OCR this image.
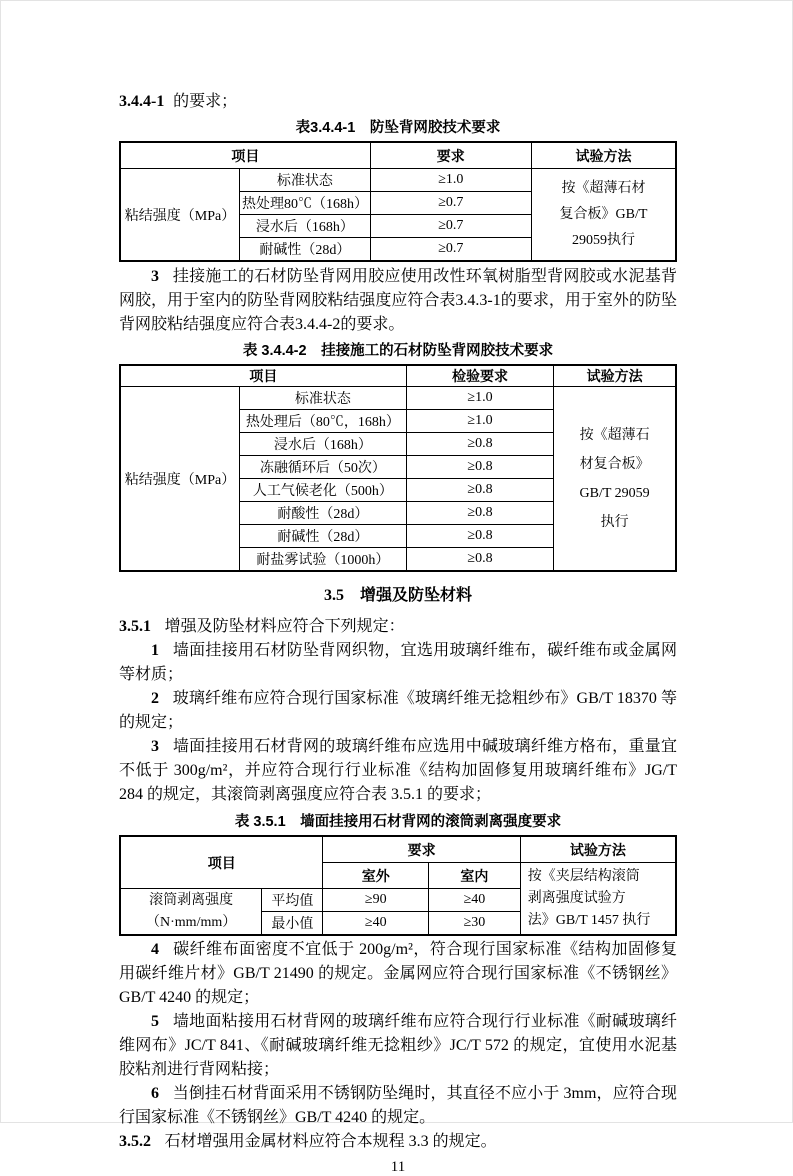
3.4.4-1 的要求；

表3.4.4-1　防坠背网胶技术要求
项目		要求	试验方法
粘结强度（MPa）	标准状态	≥1.0	按《超薄石材
复合板》GB/T
29059执行

	热处理80℃（168h）	≥0.7	
	浸水后（168h）	≥0.7	
	耐碱性（28d）	≥0.7	

3 挂接施工的石材防坠背网用胶应使用改性环氧树脂型背网胶或水泥基背网胶，用于室内的防坠背网胶粘结强度应符合表3.4.3-1的要求，用于室外的防坠背网胶粘结强度应符合表3.4.4-2的要求。

表 3.4.4-2　挂接施工的石材防坠背网胶技术要求
项目		检验要求	试验方法
粘结强度（MPa）	标准状态	≥1.0	按《超薄石
材复合板》
GB/T 29059
执行

	热处理后（80℃，168h）	≥1.0	
	浸水后（168h）	≥0.8	
	冻融循环后（50次）	≥0.8	
	人工气候老化（500h）	≥0.8	
	耐酸性（28d）	≥0.8	
	耐碱性（28d）	≥0.8	
	耐盐雾试验（1000h）	≥0.8	
3.5 增强及防坠材料

3.5.1 增强及防坠材料应符合下列规定：

1 墙面挂接用石材防坠背网织物，宜选用玻璃纤维布，碳纤维布或金属网等材质；

2 玻璃纤维布应符合现行国家标准《玻璃纤维无捻粗纱布》GB/T 18370 等的规定；

3 墙面挂接用石材背网的玻璃纤维布应选用中碱玻璃纤维方格布，重量宜不低于 300g/m²，并应符合现行行业标准《结构加固修复用玻璃纤维布》JG/T 284 的规定，其滚筒剥离强度应符合表 3.5.1 的要求；

表 3.5.1　墙面挂接用石材背网的滚筒剥离强度要求
项目		要求		试验方法
		室外	室内	按《夹层结构滚筒
剥离强度试验方
法》GB/T 1457 执行

滚筒剥离强度
（N·mm/mm）	平均值	≥90	≥40	
	最小值	≥40	≥30	

4 碳纤维布面密度不宜低于 200g/m²，符合现行国家标准《结构加固修复用碳纤维片材》GB/T 21490 的规定。金属网应符合现行国家标准《不锈钢丝》GB/T 4240 的规定；

5 墙地面粘接用石材背网的玻璃纤维布应符合现行行业标准《耐碱玻璃纤维网布》JC/T 841、《耐碱玻璃纤维无捻粗纱》JC/T 572 的规定，宜使用水泥基胶粘剂进行背网粘接；

6 当倒挂石材背面采用不锈钢防坠绳时，其直径不应小于 3mm，应符合现行国家标准《不锈钢丝》GB/T 4240 的规定。

3.5.2 石材增强用金属材料应符合本规程 3.3 的规定。

11
